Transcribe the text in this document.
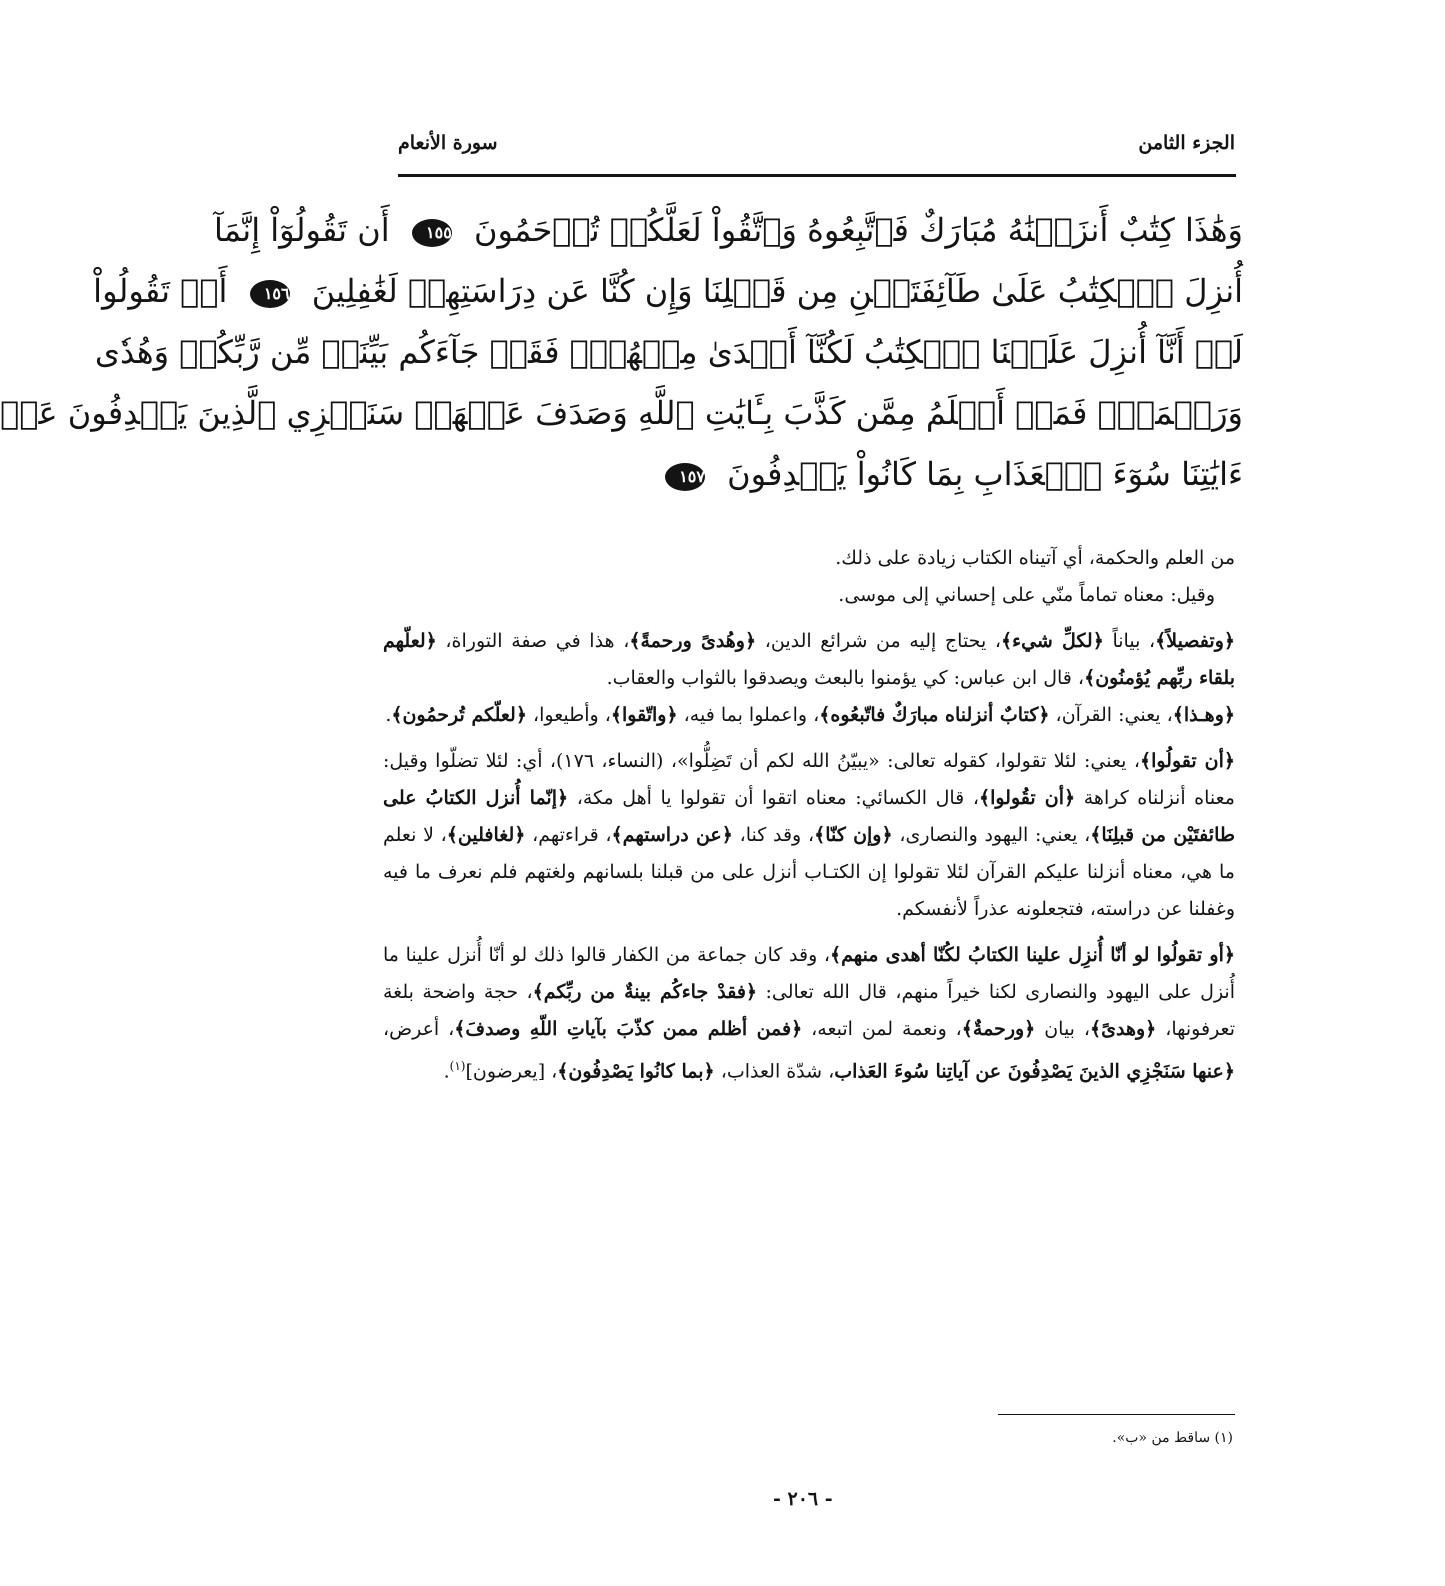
الجزء الثامن
سورة الأنعام
وَهَٰذَا كِتَٰبٌ أَنزَلۡنَٰهُ مُبَارَكٌ فَٱتَّبِعُوهُ وَٱتَّقُواْ لَعَلَّكُمۡ تُرۡحَمُونَ ١٥٥ أَن تَقُولُوٓاْ إِنَّمَآ
أُنزِلَ ٱلۡكِتَٰبُ عَلَىٰ طَآئِفَتَيۡنِ مِن قَبۡلِنَا وَإِن كُنَّا عَن دِرَاسَتِهِمۡ لَغَٰفِلِينَ ١٥٦ أَوۡ تَقُولُواْ
لَوۡ أَنَّآ أُنزِلَ عَلَيۡنَا ٱلۡكِتَٰبُ لَكُنَّآ أَهۡدَىٰ مِنۡهُمۡۚ فَقَدۡ جَآءَكُم بَيِّنَةٞ مِّن رَّبِّكُمۡ وَهُدٗى
وَرَحۡمَةٞۚ فَمَنۡ أَظۡلَمُ مِمَّن كَذَّبَ بِـَٔايَٰتِ ٱللَّهِ وَصَدَفَ عَنۡهَاۗ سَنَجۡزِي ٱلَّذِينَ يَصۡدِفُونَ عَنۡ
ءَايَٰتِنَا سُوٓءَ ٱلۡعَذَابِ بِمَا كَانُواْ يَصۡدِفُونَ ١٥٧

من العلم والحكمة، أي آتيناه الكتاب زيادة على ذلك.

وقيل: معناه تماماً منّي على إحساني إلى موسى.

﴿وتفصيلاً﴾، بياناً ﴿لكلِّ شيء﴾، يحتاج إليه من شرائع الدين، ﴿وهُدىً ورحمةً﴾، هذا في صفة التوراة، ﴿لعلّهم بلقاء ربِّهم يُؤمنُون﴾، قال ابن عباس: كي يؤمنوا بالبعث ويصدقوا بالثواب والعقاب.

﴿وهـذا﴾، يعني: القرآن، ﴿كتابٌ أنزلناه مبارَكٌ فاتّبعُوه﴾، واعملوا بما فيه، ﴿واتّقوا﴾، وأطيعوا، ﴿لعلّكم تُرحمُون﴾.

﴿أن تقولُوا﴾، يعني: لئلا تقولوا، كقوله تعالى: «يبيّنُ الله لكم أن تَضِلُّوا»، (النساء، ١٧٦)، أي: لئلا تضلّوا وقيل: معناه أنزلناه كراهة ﴿أن تقُولوا﴾، قال الكسائي: معناه اتقوا أن تقولوا يا أهل مكة، ﴿إنّما أُنزل الكتابُ على طائفتَيْن من قبلِنَا﴾، يعني: اليهود والنصارى، ﴿وإن كنّا﴾، وقد كنا، ﴿عن دراستهم﴾، قراءتهم، ﴿لغافلين﴾، لا نعلم ما هي، معناه أنزلنا عليكم القرآن لئلا تقولوا إن الكتـاب أنزل على من قبلنا بلسانهم ولغتهم فلم نعرف ما فيه وغفلنا عن دراسته، فتجعلونه عذراً لأنفسكم.

﴿أو تقولُوا لو أنّا أُنزِل علينا الكتابُ لكُنّا أهدى منهم﴾، وقد كان جماعة من الكفار قالوا ذلك لو أنّا أُنزل علينا ما أُنزل على اليهود والنصارى لكنا خيراً منهم، قال الله تعالى: ﴿فقدْ جاءكُم بينةٌ من ربِّكم﴾، حجة واضحة بلغة تعرفونها، ﴿وهدىً﴾، بيان ﴿ورحمةٌ﴾، ونعمة لمن اتبعه، ﴿فمن أظلم ممن كذّبَ بآياتِ اللّهِ وصدفَ﴾، أعرض، ﴿عنها سَنَجْزِي الذينَ يَصْدِفُونَ عن آياتِنا سُوءَ العَذاب، شدّة العذاب، ﴿بما كانُوا يَصْدِفُون﴾، [يعرضون]$^{(١)}$.

(١) ساقط من «ب».
- ٢٠٦ -
